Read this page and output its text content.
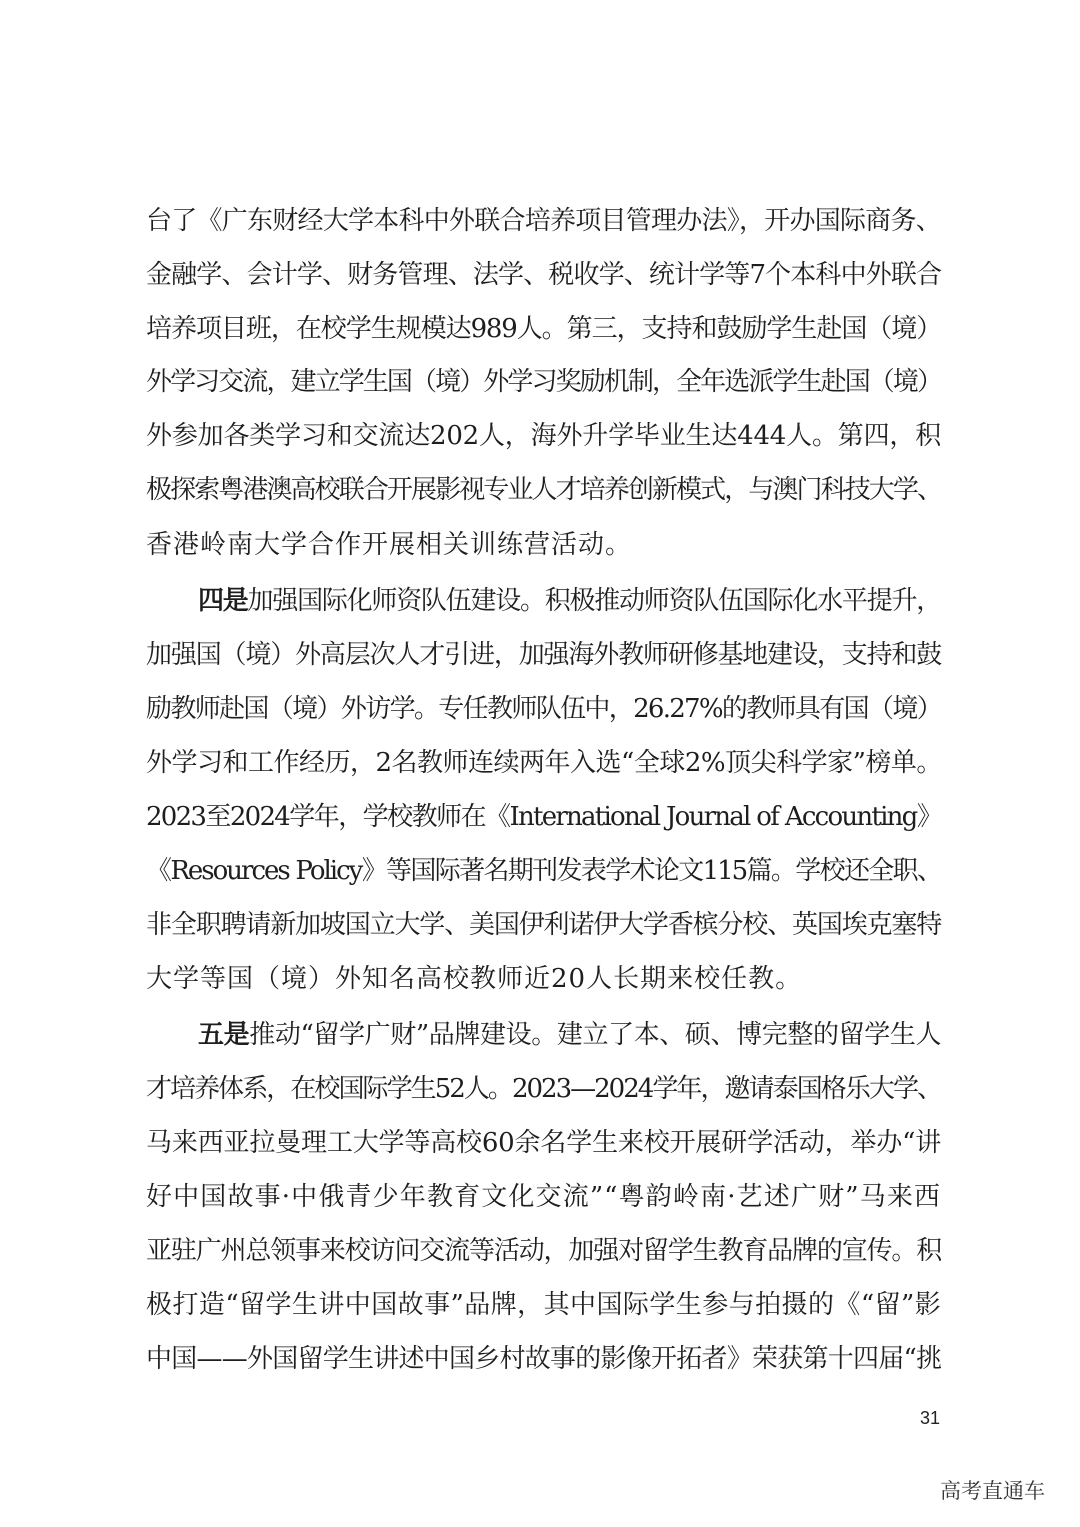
台了《广东财经大学本科中外联合培养项目管理办法》，开办国际商务、
金融学、会计学、财务管理、法学、税收学、统计学等7个本科中外联合
培养项目班，在校学生规模达989人。第三，支持和鼓励学生赴国（境）
外学习交流，建立学生国（境）外学习奖励机制，全年选派学生赴国（境）
外参加各类学习和交流达202人，海外升学毕业生达444人。第四，积
极探索粤港澳高校联合开展影视专业人才培养创新模式，与澳门科技大学、
香港岭南大学合作开展相关训练营活动。
四是加强国际化师资队伍建设。积极推动师资队伍国际化水平提升，
加强国（境）外高层次人才引进，加强海外教师研修基地建设，支持和鼓
励教师赴国（境）外访学。专任教师队伍中，26.27%的教师具有国（境）
外学习和工作经历，2名教师连续两年入选“全球2%顶尖科学家”榜单。
2023至2024学年，学校教师在《International Journal of Accounting》
《Resources Policy》等国际著名期刊发表学术论文115篇。学校还全职、
非全职聘请新加坡国立大学、美国伊利诺伊大学香槟分校、英国埃克塞特
大学等国（境）外知名高校教师近20人长期来校任教。
五是推动“留学广财”品牌建设。建立了本、硕、博完整的留学生人
才培养体系，在校国际学生52人。2023—2024学年，邀请泰国格乐大学、
马来西亚拉曼理工大学等高校60余名学生来校开展研学活动，举办“讲
好中国故事·中俄青少年教育文化交流”“粤韵岭南·艺述广财”马来西
亚驻广州总领事来校访问交流等活动，加强对留学生教育品牌的宣传。积
极打造“留学生讲中国故事”品牌，其中国际学生参与拍摄的《“留”影
中国——外国留学生讲述中国乡村故事的影像开拓者》荣获第十四届“挑
31
高考直通车
